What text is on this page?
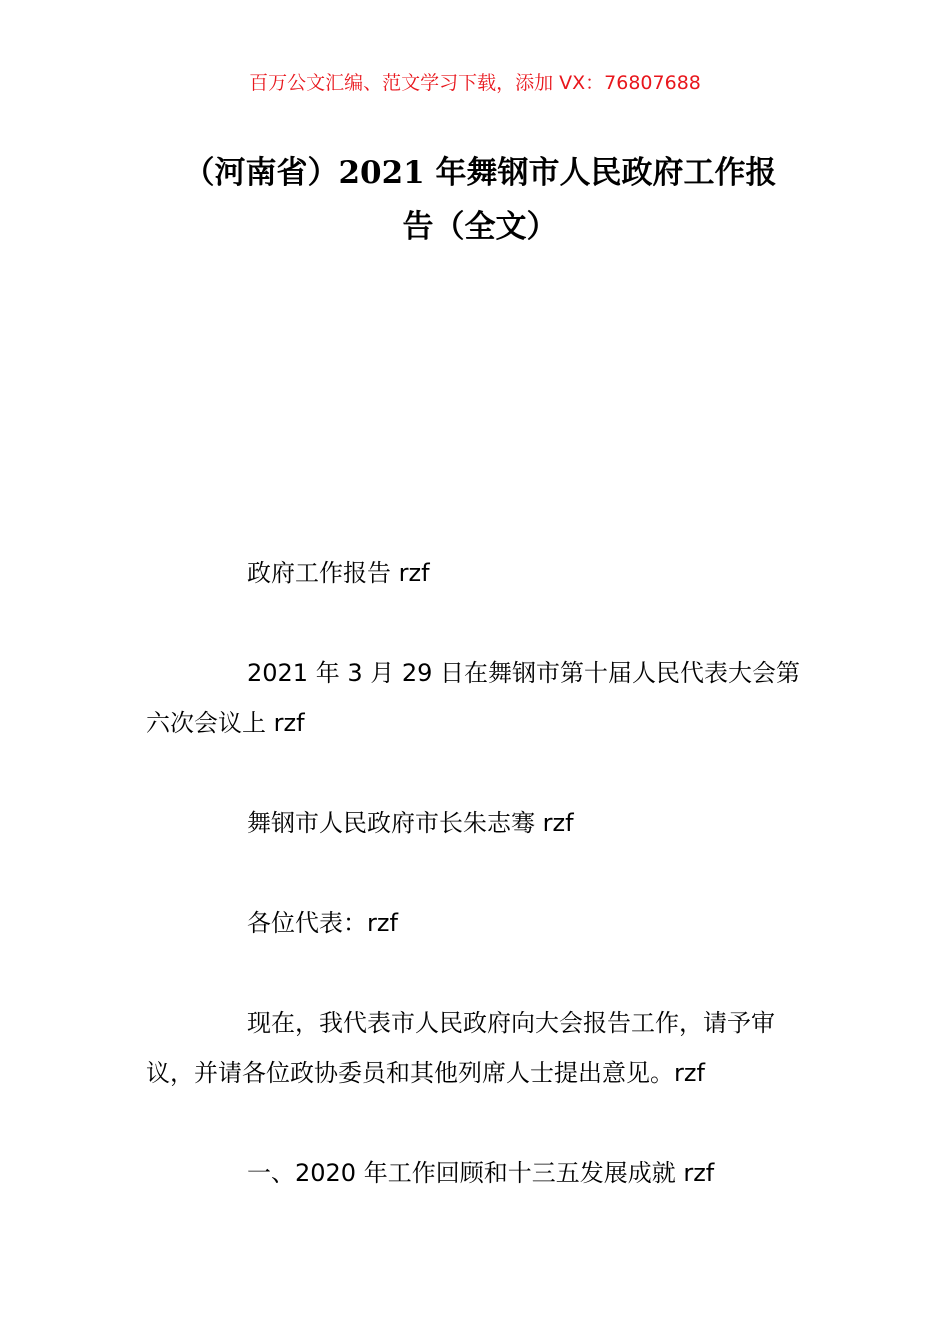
百万公文汇编、范文学习下载，添加 VX：76807688
（河南省）2021 年舞钢市人民政府工作报
告（全文）

政府工作报告 rzf

2021 年 3 月 29 日在舞钢市第十届人民代表大会第六次会议上 rzf

舞钢市人民政府市长朱志骞 rzf

各位代表：rzf

现在，我代表市人民政府向大会报告工作，请予审议，并请各位政协委员和其他列席人士提出意见。rzf

一、2020 年工作回顾和十三五发展成就 rzf
